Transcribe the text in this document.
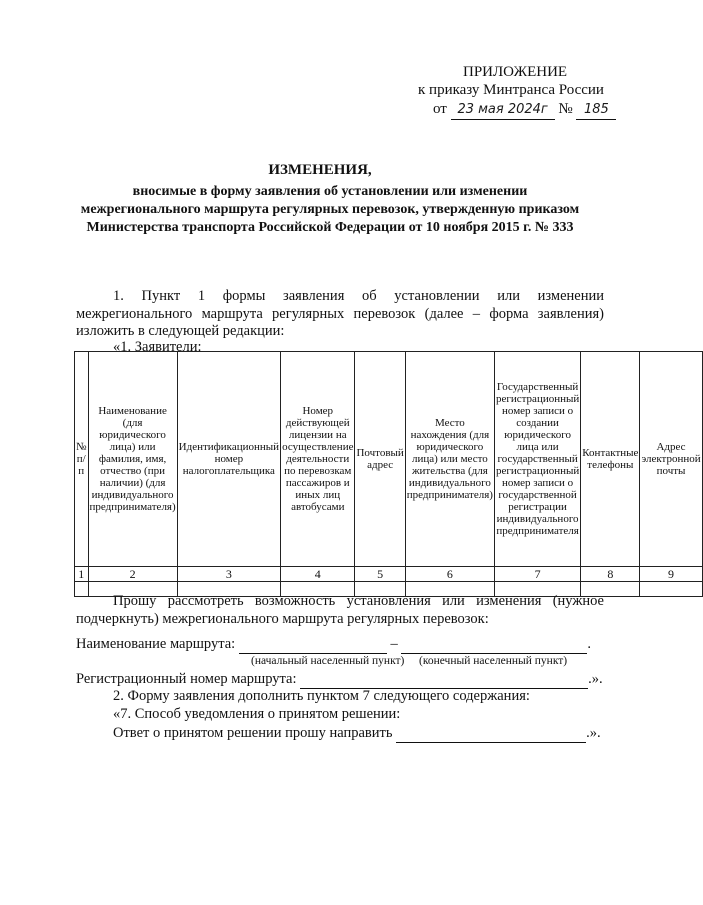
ПРИЛОЖЕНИЕ
к приказу Минтранса России
от 23 мая 2024г № 185
ИЗМЕНЕНИЯ,
вносимые в форму заявления об установлении или изменении
межрегионального маршрута регулярных перевозок, утвержденную приказом
Министерства транспорта Российской Федерации от 10 ноября 2015 г. № 333
1. Пункт 1 формы заявления об установлении или изменении
межрегионального маршрута регулярных перевозок (далее – форма заявления)
изложить в следующей редакции:
«1. Заявители:
№ п/ п	Наименование (для юридического лица) или фамилия, имя, отчество (при наличии) (для индивидуального предпринимателя)	Идентификационный номер налогоплательщика	Номер действующей лицензии на осуществление деятельности по перевозкам пассажиров и иных лиц автобусами	Почтовый адрес	Место нахождения (для юридического лица) или место жительства (для индивидуального предпринимателя)	Государственный регистрационный номер записи о создании юридического лица или государственный регистрационный номер записи о государственной регистрации индивидуального предпринимателя	Контактные телефоны	Адрес электронной почты
1	2	3	4	5	6	7	8	9

Прошу рассмотреть возможность установления или изменения (нужное
подчеркнуть) межрегионального маршрута регулярных перевозок:
Наименование маршрута:	–	.
(начальный населенный пункт) (конечный населенный пункт)
Регистрационный номер маршрута:	.».
2. Форму заявления дополнить пунктом 7 следующего содержания:
«7. Способ уведомления о принятом решении:
Ответ о принятом решении прошу направить	.».
